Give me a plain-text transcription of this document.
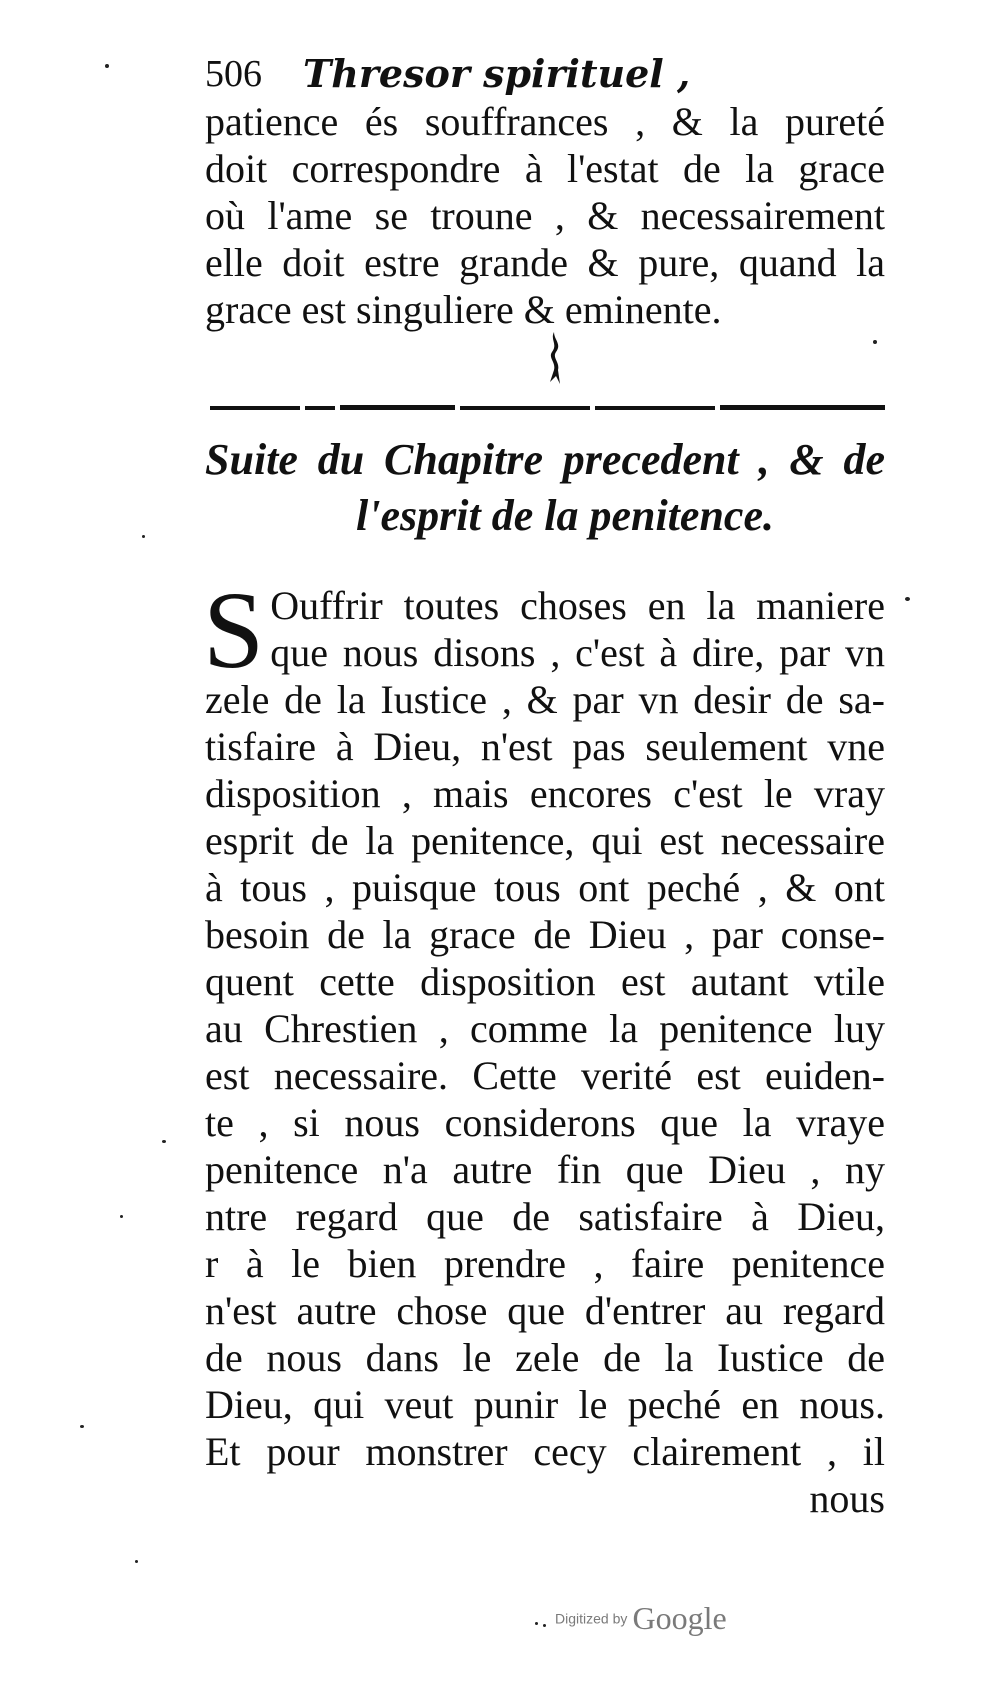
506 Thresor spirituel ,
patience és souffrances , & la pureté
doit correspondre à l'estat de la grace
où l'ame se troune , & necessairement
elle doit estre grande & pure, quand la
grace est singuliere & eminente.
Suite du Chapitre precedent , & de
l'esprit de la penitence.
S Ouffrir toutes choses en la maniere
que nous disons , c'est à dire, par vn
zele de la Iustice , & par vn desir de sa-
tisfaire à Dieu, n'est pas seulement vne
disposition , mais encores c'est le vray
esprit de la penitence, qui est necessaire
à tous , puisque tous ont peché , & ont
besoin de la grace de Dieu , par conse-
quent cette disposition est autant vtile
au Chrestien , comme la penitence luy
est necessaire. Cette verité est euiden-
te , si nous considerons que la vraye
penitence n'a autre fin que Dieu , ny
ntre regard que de satisfaire à Dieu,
r à le bien prendre , faire penitence
n'est autre chose que d'entrer au regard
de nous dans le zele de la Iustice de
Dieu, qui veut punir le peché en nous.
Et pour monstrer cecy clairement , il
nous
Digitized by Google
